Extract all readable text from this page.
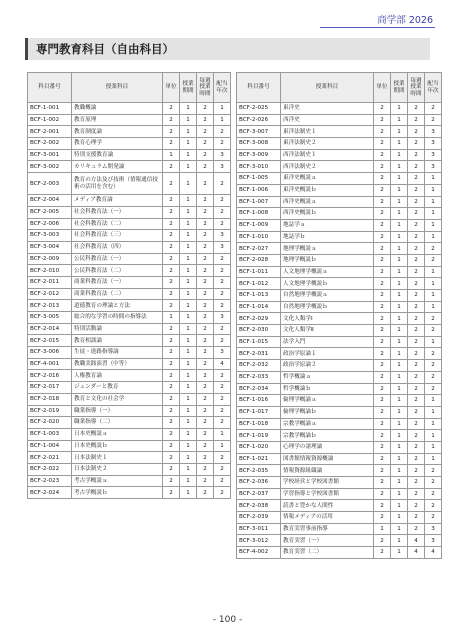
商学部 2026
専門教育科目（自由科目）
科目番号	授業科目	単位	授業期間	毎週授業時間	配当年次
BCF-1-001	教職概論	2	1	2	1
BCF-1-002	教育原理	2	1	2	1
BCF-2-001	教育制度論	2	1	2	2
BCF-2-002	教育心理学	2	1	2	2
BCF-3-001	特別支援教育論	1	1	2	3
BCF-3-002	カリキュラム開発論	2	1	2	3
BCF-2-003	教育の方法及び技術（情報通信技術の活用を含む）	2	1	2	2
BCF-2-004	メディア教育論	2	1	2	2
BCF-2-005	社会科教育法（一）	2	1	2	2
BCF-2-006	社会科教育法（二）	2	1	2	2
BCF-3-003	社会科教育法（三）	2	1	2	3
BCF-3-004	社会科教育法（四）	2	1	2	3
BCF-2-009	公民科教育法（一）	2	1	2	2
BCF-2-010	公民科教育法（二）	2	1	2	2
BCF-2-011	商業科教育法（一）	2	1	2	2
BCF-2-012	商業科教育法（二）	2	1	2	2
BCF-2-013	道徳教育の理論と方法	2	1	2	2
BCF-3-005	総合的な学習の時間の指導法	1	1	2	3
BCF-2-014	特別活動論	2	1	2	2
BCF-2-015	教育相談論	2	1	2	2
BCF-3-006	生徒・進路指導論	2	1	2	3
BCF-4-001	教職実践演習（中等）	2	1	2	4
BCF-2-016	人権教育論	2	1	2	2
BCF-2-017	ジェンダーと教育	2	1	2	2
BCF-2-018	教育と文化の社会学	2	1	2	2
BCF-2-019	職業指導（一）	2	1	2	2
BCF-2-020	職業指導（二）	2	1	2	2
BCF-1-003	日本史概説ａ	2	1	2	1
BCF-1-004	日本史概説ｂ	2	1	2	1
BCF-2-021	日本法制史１	2	1	2	2
BCF-2-022	日本法制史２	2	1	2	2
BCF-2-023	考古学概説ａ	2	1	2	2
BCF-2-024	考古学概説ｂ	2	1	2	2
科目番号	授業科目	単位	授業期間	毎週授業時間	配当年次
BCF-2-025	東洋史	2	1	2	2
BCF-2-026	西洋史	2	1	2	2
BCF-3-007	東洋法制史１	2	1	2	3
BCF-3-008	東洋法制史２	2	1	2	3
BCF-3-009	西洋法制史１	2	1	2	3
BCF-3-010	西洋法制史２	2	1	2	3
BCF-1-005	東洋史概説ａ	2	1	2	1
BCF-1-006	東洋史概説ｂ	2	1	2	1
BCF-1-007	西洋史概説ａ	2	1	2	1
BCF-1-008	西洋史概説ｂ	2	1	2	1
BCF-1-009	地誌学ａ	2	1	2	1
BCF-1-010	地誌学ｂ	2	1	2	1
BCF-2-027	地理学概説ａ	2	1	2	2
BCF-2-028	地理学概説ｂ	2	1	2	2
BCF-1-011	人文地理学概説ａ	2	1	2	1
BCF-1-012	人文地理学概説ｂ	2	1	2	1
BCF-1-013	自然地理学概説ａ	2	1	2	1
BCF-1-014	自然地理学概説ｂ	2	1	2	1
BCF-2-029	文化人類学Ⅰ	2	1	2	2
BCF-2-030	文化人類学Ⅱ	2	1	2	2
BCF-1-015	法学入門	2	1	2	1
BCF-2-031	政治学原論１	2	1	2	2
BCF-2-032	政治学原論２	2	1	2	2
BCF-2-033	哲学概論ａ	2	1	2	2
BCF-2-034	哲学概論ｂ	2	1	2	2
BCF-1-016	倫理学概論ａ	2	1	2	1
BCF-1-017	倫理学概論ｂ	2	1	2	1
BCF-1-018	宗教学概論ａ	2	1	2	1
BCF-1-019	宗教学概論ｂ	2	1	2	1
BCF-1-020	心理学の諸理論	2	1	2	1
BCF-1-021	図書館情報資源概論	2	1	2	1
BCF-2-035	情報資源組織論	2	1	2	2
BCF-2-036	学校経営と学校図書館	2	1	2	2
BCF-2-037	学習指導と学校図書館	2	1	2	2
BCF-2-038	読書と豊かな人間性	2	1	2	2
BCF-2-039	情報メディアの活用	2	1	2	2
BCF-3-011	教育実習事前指導	1	1	2	3
BCF-3-012	教育実習（一）	2	1	4	3
BCF-4-002	教育実習（二）	2	1	4	4
- 100 -
